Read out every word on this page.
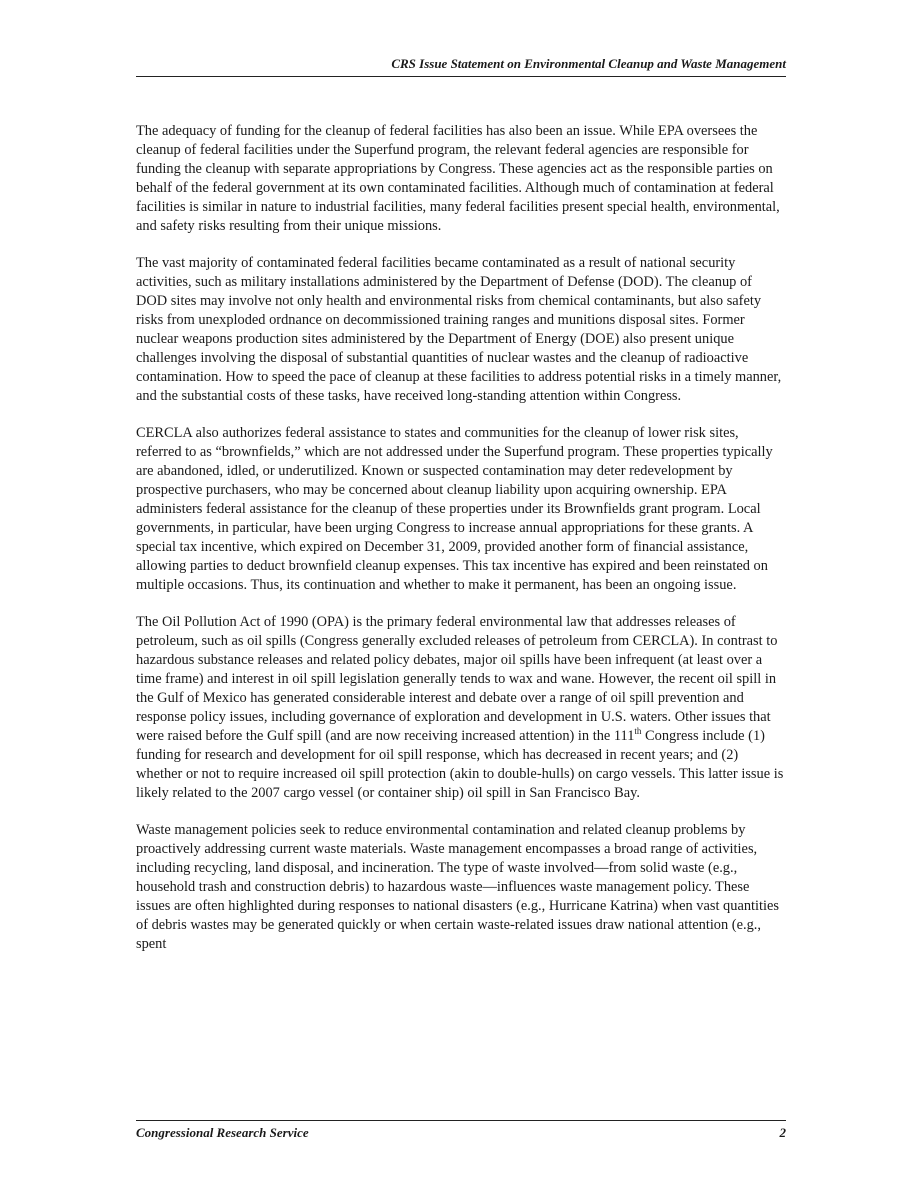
CRS Issue Statement on Environmental Cleanup and Waste Management

The adequacy of funding for the cleanup of federal facilities has also been an issue. While EPA oversees the cleanup of federal facilities under the Superfund program, the relevant federal agencies are responsible for funding the cleanup with separate appropriations by Congress. These agencies act as the responsible parties on behalf of the federal government at its own contaminated facilities. Although much of contamination at federal facilities is similar in nature to industrial facilities, many federal facilities present special health, environmental, and safety risks resulting from their unique missions.

The vast majority of contaminated federal facilities became contaminated as a result of national security activities, such as military installations administered by the Department of Defense (DOD). The cleanup of DOD sites may involve not only health and environmental risks from chemical contaminants, but also safety risks from unexploded ordnance on decommissioned training ranges and munitions disposal sites. Former nuclear weapons production sites administered by the Department of Energy (DOE) also present unique challenges involving the disposal of substantial quantities of nuclear wastes and the cleanup of radioactive contamination. How to speed the pace of cleanup at these facilities to address potential risks in a timely manner, and the substantial costs of these tasks, have received long-standing attention within Congress.

CERCLA also authorizes federal assistance to states and communities for the cleanup of lower risk sites, referred to as “brownfields,” which are not addressed under the Superfund program. These properties typically are abandoned, idled, or underutilized. Known or suspected contamination may deter redevelopment by prospective purchasers, who may be concerned about cleanup liability upon acquiring ownership. EPA administers federal assistance for the cleanup of these properties under its Brownfields grant program. Local governments, in particular, have been urging Congress to increase annual appropriations for these grants. A special tax incentive, which expired on December 31, 2009, provided another form of financial assistance, allowing parties to deduct brownfield cleanup expenses. This tax incentive has expired and been reinstated on multiple occasions. Thus, its continuation and whether to make it permanent, has been an ongoing issue.

The Oil Pollution Act of 1990 (OPA) is the primary federal environmental law that addresses releases of petroleum, such as oil spills (Congress generally excluded releases of petroleum from CERCLA). In contrast to hazardous substance releases and related policy debates, major oil spills have been infrequent (at least over a time frame) and interest in oil spill legislation generally tends to wax and wane. However, the recent oil spill in the Gulf of Mexico has generated considerable interest and debate over a range of oil spill prevention and response policy issues, including governance of exploration and development in U.S. waters. Other issues that were raised before the Gulf spill (and are now receiving increased attention) in the 111th Congress include (1) funding for research and development for oil spill response, which has decreased in recent years; and (2) whether or not to require increased oil spill protection (akin to double-hulls) on cargo vessels. This latter issue is likely related to the 2007 cargo vessel (or container ship) oil spill in San Francisco Bay.

Waste management policies seek to reduce environmental contamination and related cleanup problems by proactively addressing current waste materials. Waste management encompasses a broad range of activities, including recycling, land disposal, and incineration. The type of waste involved—from solid waste (e.g., household trash and construction debris) to hazardous waste—influences waste management policy. These issues are often highlighted during responses to national disasters (e.g., Hurricane Katrina) when vast quantities of debris wastes may be generated quickly or when certain waste-related issues draw national attention (e.g., spent

Congressional Research Service	2
